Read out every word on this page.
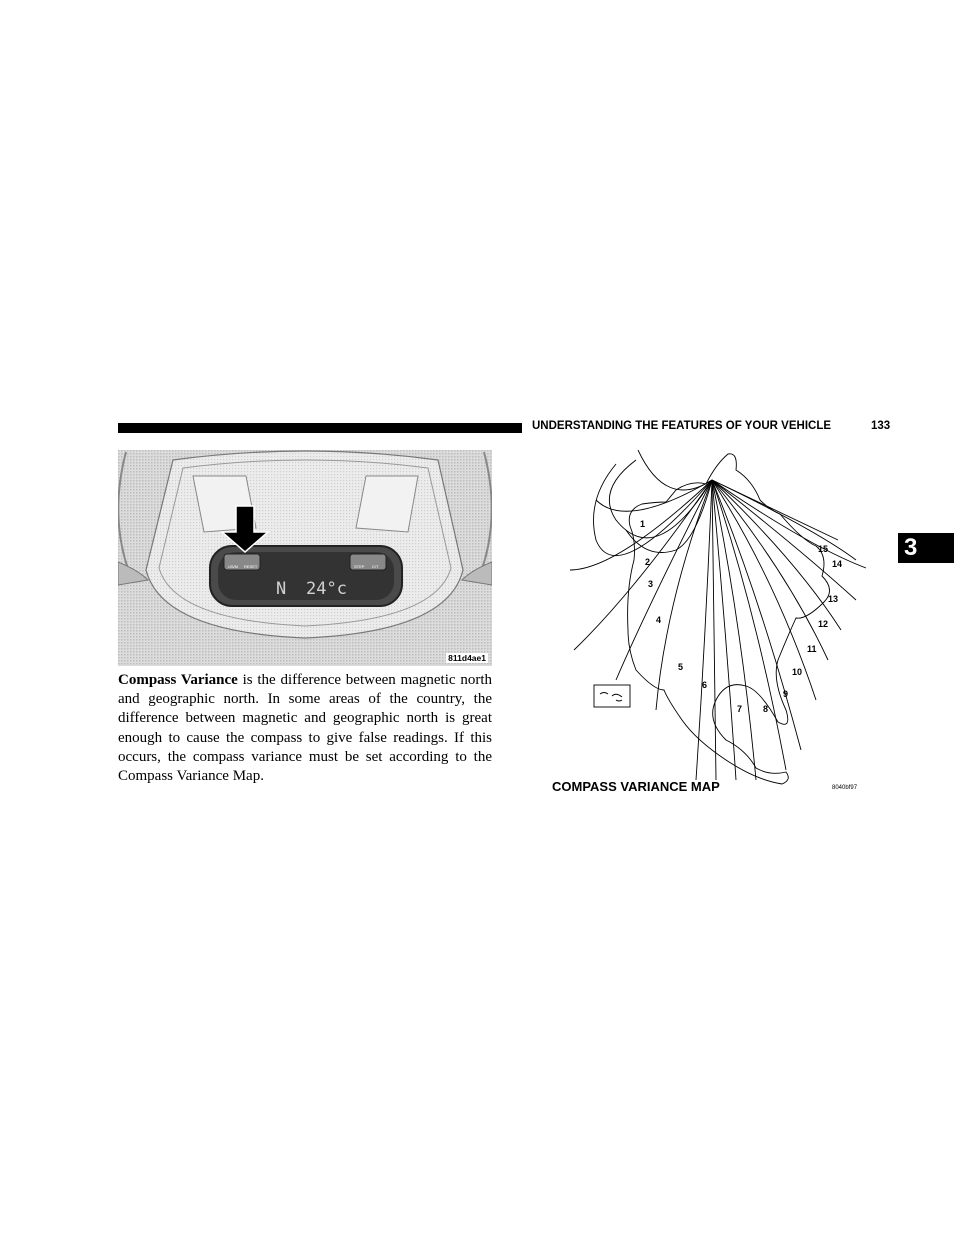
UNDERSTANDING THE FEATURES OF YOUR VEHICLE	133
3
US/M RESET	STEP C/T
N 24°c
811d4ae1

Compass Variance is the difference between magnetic north and geographic north. In some areas of the country, the difference between magnetic and geographic north is great enough to cause the compass to give false readings. If this occurs, the compass variance must be set according to the Compass Variance Map.

1
2
3
4
5
6
7 8
9
10
11
12
13
14
15
COMPASS VARIANCE MAP	8040bf97
